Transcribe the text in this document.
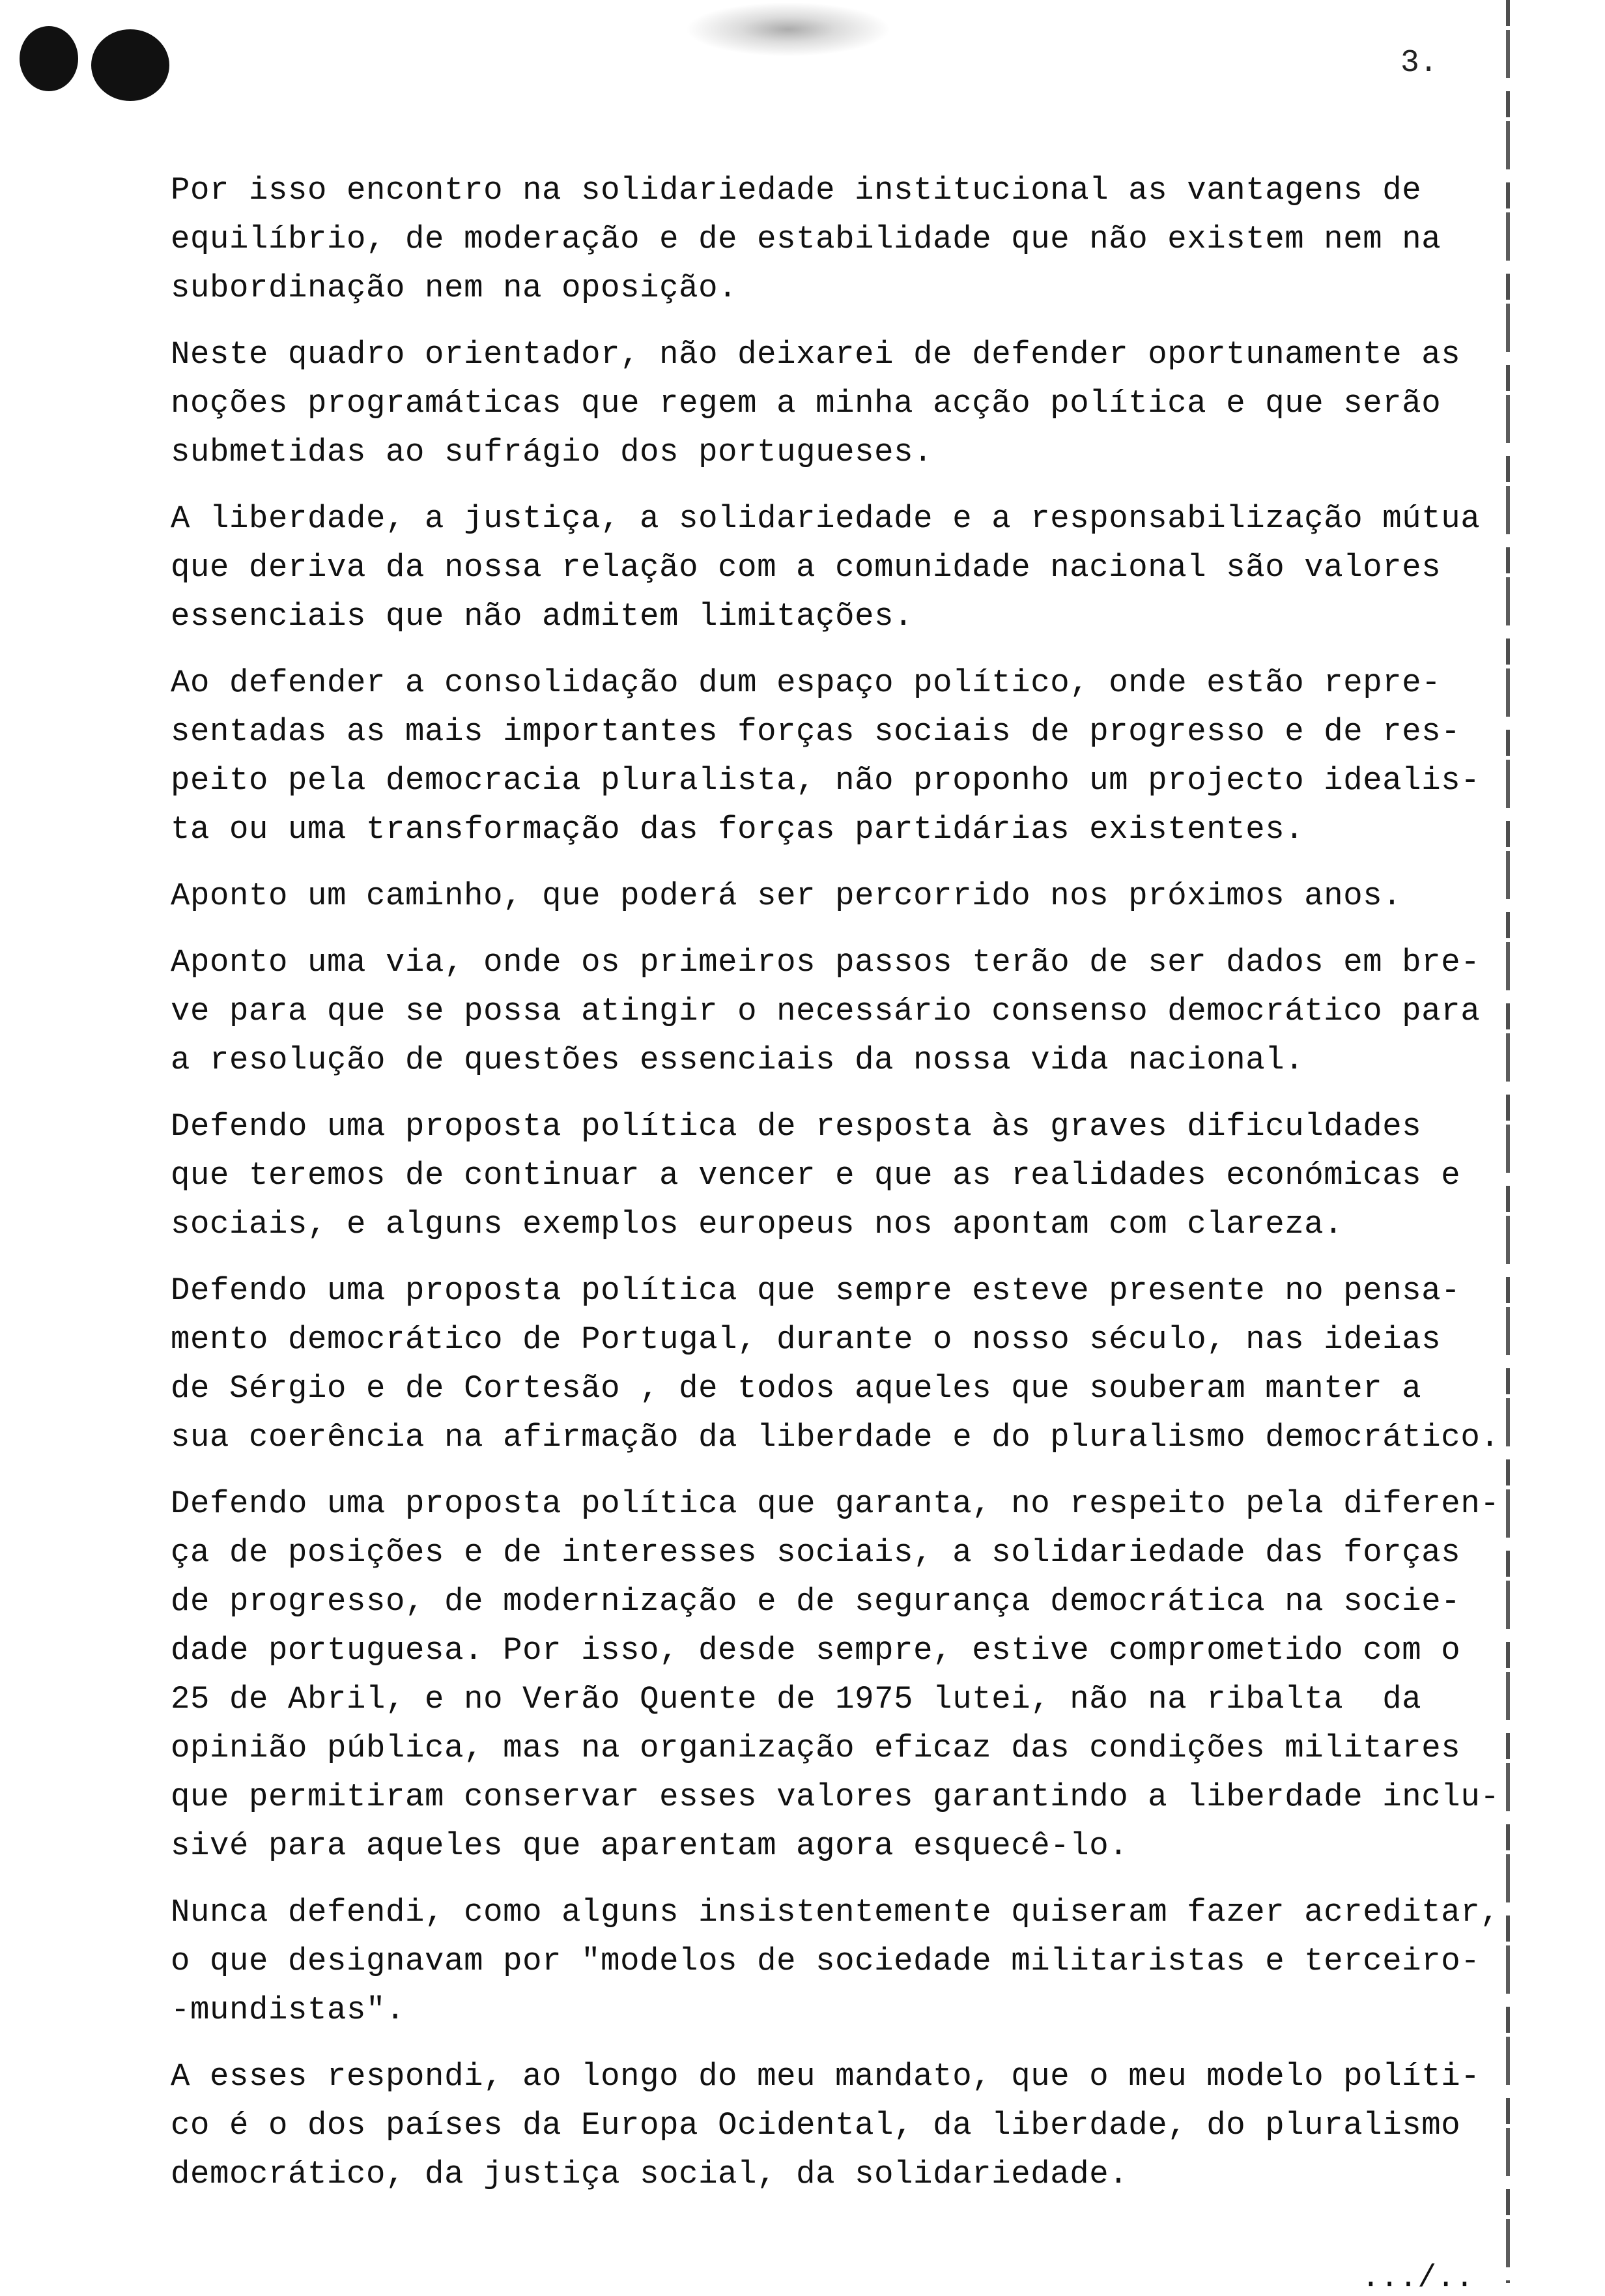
3.
Por isso encontro na solidariedade institucional as vantagens de
equilíbrio, de moderação e de estabilidade que não existem nem na
subordinação nem na oposição.
Neste quadro orientador, não deixarei de defender oportunamente as
noções programáticas que regem a minha acção política e que serão
submetidas ao sufrágio dos portugueses.
A liberdade, a justiça, a solidariedade e a responsabilização mútua
que deriva da nossa relação com a comunidade nacional são valores
essenciais que não admitem limitações.
Ao defender a consolidação dum espaço político, onde estão repre-
sentadas as mais importantes forças sociais de progresso e de res-
peito pela democracia pluralista, não proponho um projecto idealis-
ta ou uma transformação das forças partidárias existentes.
Aponto um caminho, que poderá ser percorrido nos próximos anos.
Aponto uma via, onde os primeiros passos terão de ser dados em bre-
ve para que se possa atingir o necessário consenso democrático para
a resolução de questões essenciais da nossa vida nacional.
Defendo uma proposta política de resposta às graves dificuldades
que teremos de continuar a vencer e que as realidades económicas e
sociais, e alguns exemplos europeus nos apontam com clareza.
Defendo uma proposta política que sempre esteve presente no pensa-
mento democrático de Portugal, durante o nosso século, nas ideias
de Sérgio e de Cortesão , de todos aqueles que souberam manter a
sua coerência na afirmação da liberdade e do pluralismo democrático.
Defendo uma proposta política que garanta, no respeito pela diferen-
ça de posições e de interesses sociais, a solidariedade das forças
de progresso, de modernização e de segurança democrática na socie-
dade portuguesa. Por isso, desde sempre, estive comprometido com o
25 de Abril, e no Verão Quente de 1975 lutei, não na ribalta  da
opinião pública, mas na organização eficaz das condições militares
que permitiram conservar esses valores garantindo a liberdade inclu-
sivé para aqueles que aparentam agora esquecê-lo.
Nunca defendi, como alguns insistentemente quiseram fazer acreditar,
o que designavam por "modelos de sociedade militaristas e terceiro-
-mundistas".
A esses respondi, ao longo do meu mandato, que o meu modelo políti-
co é o dos países da Europa Ocidental, da liberdade, do pluralismo
democrático, da justiça social, da solidariedade.
.../..
